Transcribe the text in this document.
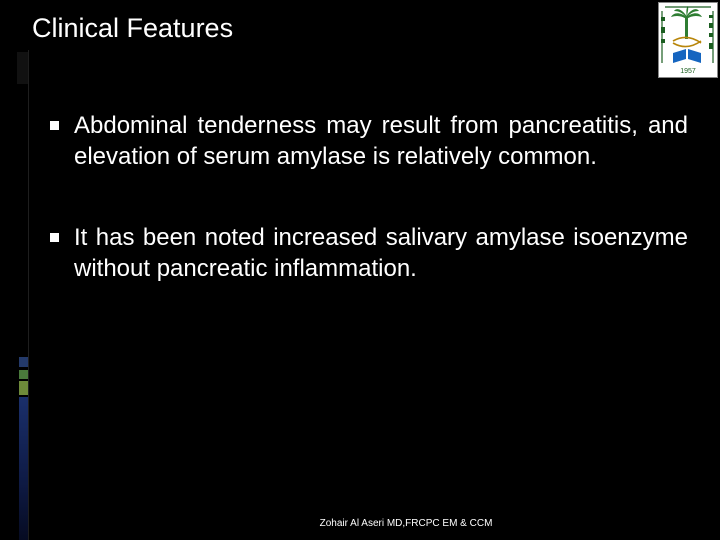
Clinical Features
1957
Abdominal tenderness may result from pancreatitis, and elevation of serum amylase is relatively common.
It has been noted increased salivary amylase isoenzyme without pancreatic inflammation.
Zohair Al Aseri MD,FRCPC EM & CCM
